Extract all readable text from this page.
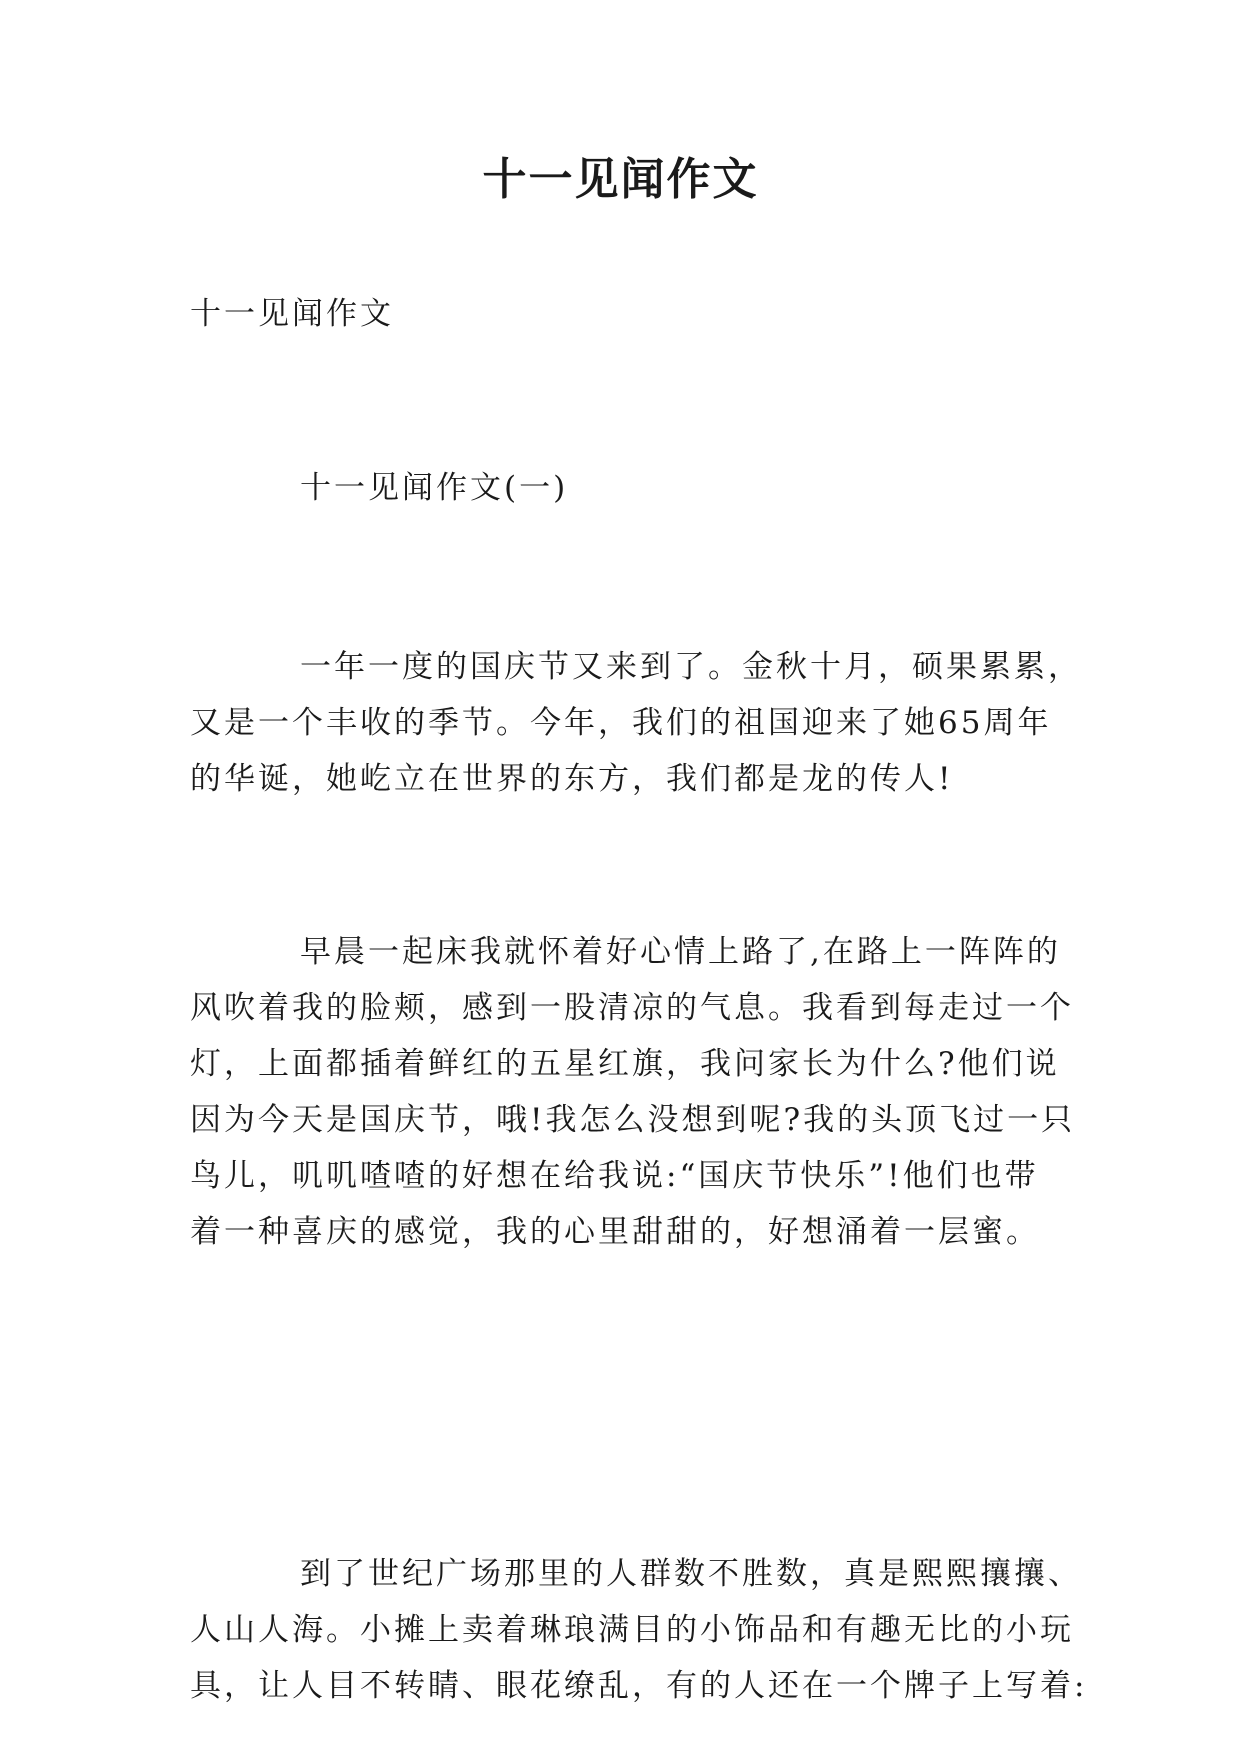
十一见闻作文

十一见闻作文

十一见闻作文(一)

一年一度的国庆节又来到了。金秋十月，硕果累累，
又是一个丰收的季节。今年，我们的祖国迎来了她65周年
的华诞，她屹立在世界的东方，我们都是龙的传人!

早晨一起床我就怀着好心情上路了,在路上一阵阵的
风吹着我的脸颊，感到一股清凉的气息。我看到每走过一个
灯，上面都插着鲜红的五星红旗，我问家长为什么?他们说
因为今天是国庆节，哦!我怎么没想到呢?我的头顶飞过一只
鸟儿，叽叽喳喳的好想在给我说:“国庆节快乐”!他们也带
着一种喜庆的感觉，我的心里甜甜的，好想涌着一层蜜。

到了世纪广场那里的人群数不胜数，真是熙熙攘攘、
人山人海。小摊上卖着琳琅满目的小饰品和有趣无比的小玩
具，让人目不转睛、眼花缭乱，有的人还在一个牌子上写着:
